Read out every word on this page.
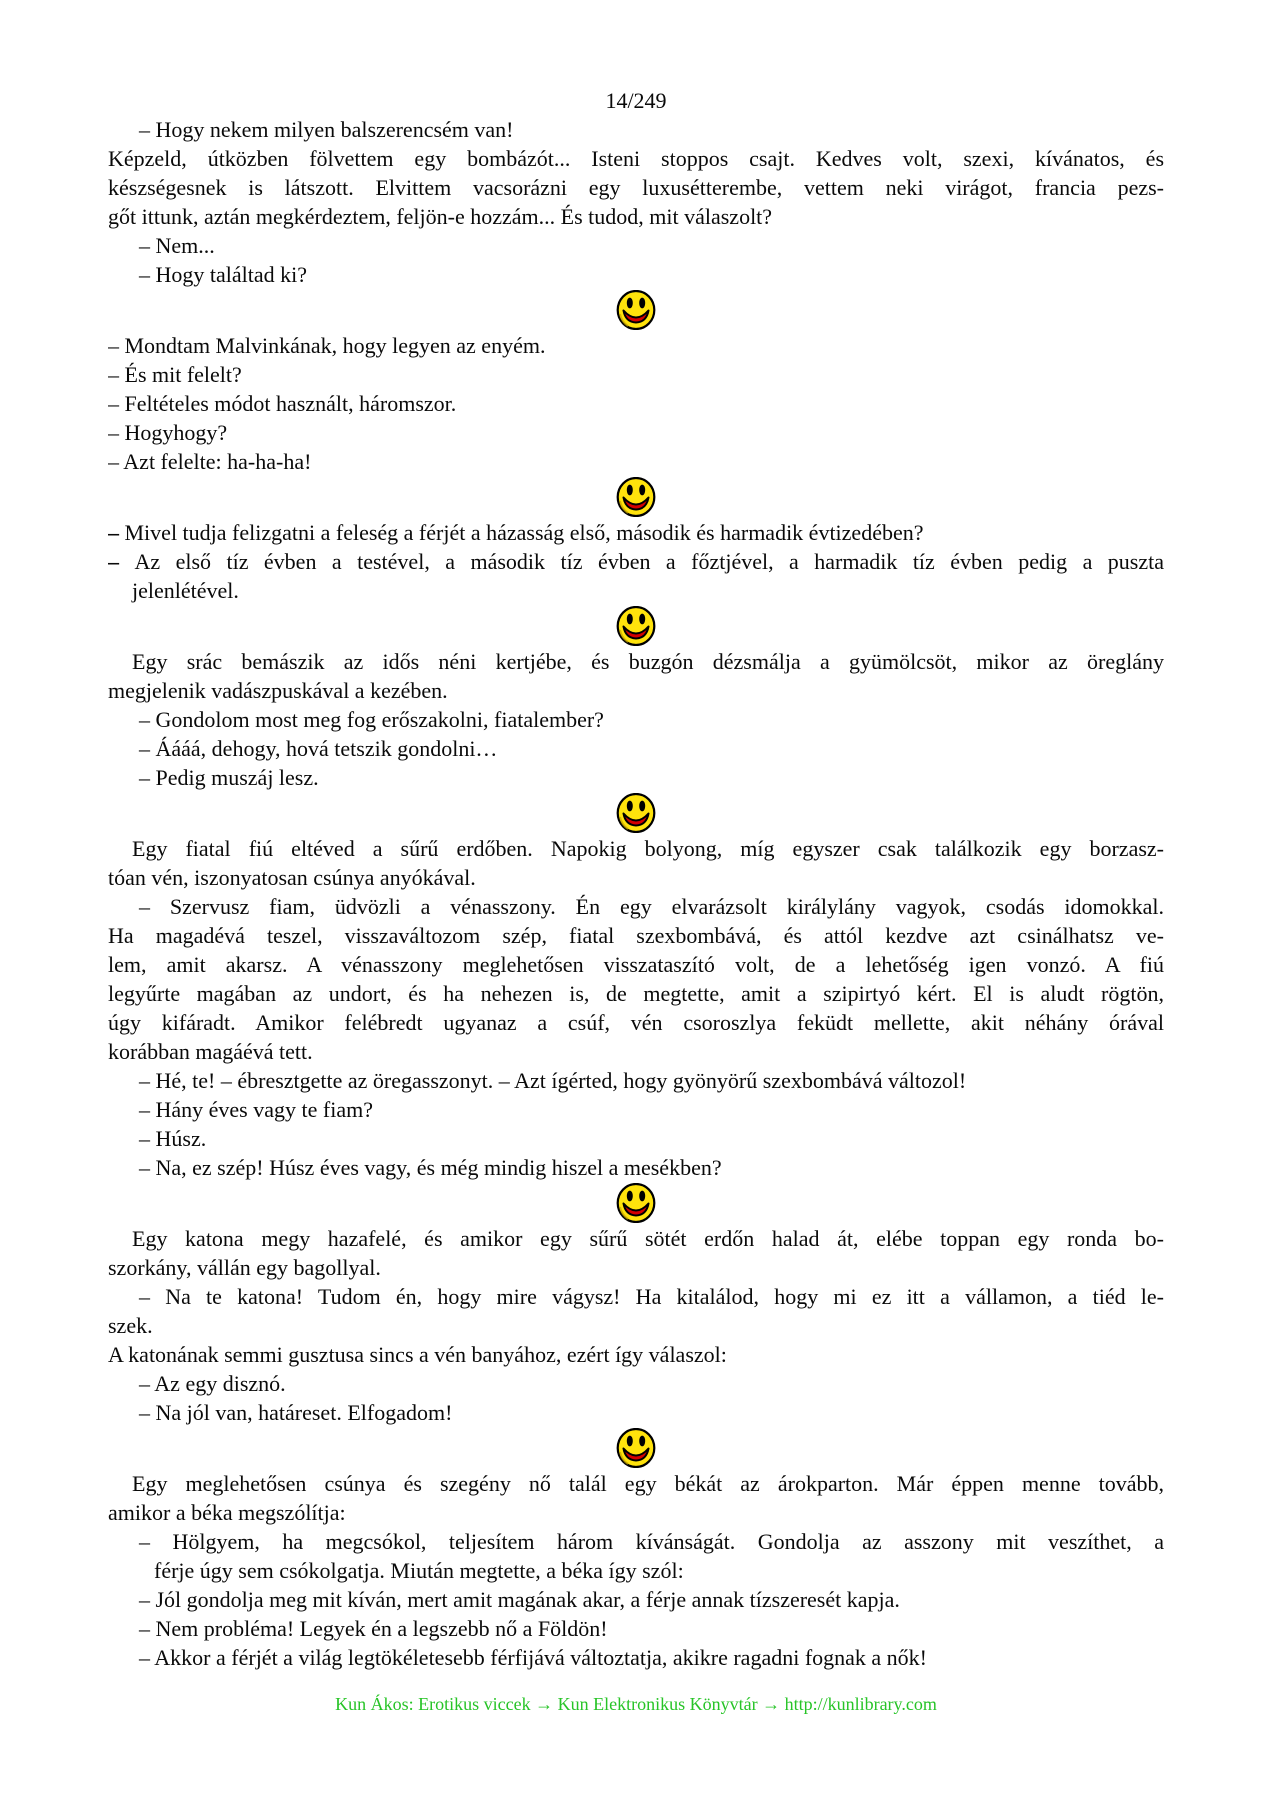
14/249
– Hogy nekem milyen balszerencsém van!
Képzeld, útközben fölvettem egy bombázót... Isteni stoppos csajt. Kedves volt, szexi, kívánatos, és
készségesnek is látszott. Elvittem vacsorázni egy luxusétterembe, vettem neki virágot, francia pezs-
gőt ittunk, aztán megkérdeztem, feljön-e hozzám... És tudod, mit válaszolt?
– Nem...
– Hogy találtad ki?
– Mondtam Malvinkának, hogy legyen az enyém.
– És mit felelt?
– Feltételes módot használt, háromszor.
– Hogyhogy?
– Azt felelte: ha-ha-ha!
– Mivel tudja felizgatni a feleség a férjét a házasság első, második és harmadik évtizedében?
– Az első tíz évben a testével, a második tíz évben a főztjével, a harmadik tíz évben pedig a puszta
jelenlétével.
Egy srác bemászik az idős néni kertjébe, és buzgón dézsmálja a gyümölcsöt, mikor az öreglány
megjelenik vadászpuskával a kezében.
– Gondolom most meg fog erőszakolni, fiatalember?
– Áááá, dehogy, hová tetszik gondolni…
– Pedig muszáj lesz.
Egy fiatal fiú eltéved a sűrű erdőben. Napokig bolyong, míg egyszer csak találkozik egy borzasz-
tóan vén, iszonyatosan csúnya anyókával.
– Szervusz fiam, üdvözli a vénasszony. Én egy elvarázsolt királylány vagyok, csodás idomokkal.
Ha magadévá teszel, visszaváltozom szép, fiatal szexbombává, és attól kezdve azt csinálhatsz ve-
lem, amit akarsz. A vénasszony meglehetősen visszataszító volt, de a lehetőség igen vonzó. A fiú
legyűrte magában az undort, és ha nehezen is, de megtette, amit a szipirtyó kért. El is aludt rögtön,
úgy kifáradt. Amikor felébredt ugyanaz a csúf, vén csoroszlya feküdt mellette, akit néhány órával
korábban magáévá tett.
– Hé, te! – ébresztgette az öregasszonyt. – Azt ígérted, hogy gyönyörű szexbombává változol!
– Hány éves vagy te fiam?
– Húsz.
– Na, ez szép! Húsz éves vagy, és még mindig hiszel a mesékben?
Egy katona megy hazafelé, és amikor egy sűrű sötét erdőn halad át, elébe toppan egy ronda bo-
szorkány, vállán egy bagollyal.
– Na te katona! Tudom én, hogy mire vágysz! Ha kitalálod, hogy mi ez itt a vállamon, a tiéd le-
szek.
A katonának semmi gusztusa sincs a vén banyához, ezért így válaszol:
– Az egy disznó.
– Na jól van, határeset. Elfogadom!
Egy meglehetősen csúnya és szegény nő talál egy békát az árokparton. Már éppen menne tovább,
amikor a béka megszólítja:
– Hölgyem, ha megcsókol, teljesítem három kívánságát. Gondolja az asszony mit veszíthet, a
férje úgy sem csókolgatja. Miután megtette, a béka így szól:
– Jól gondolja meg mit kíván, mert amit magának akar, a férje annak tízszeresét kapja.
– Nem probléma! Legyek én a legszebb nő a Földön!
– Akkor a férjét a világ legtökéletesebb férfijává változtatja, akikre ragadni fognak a nők!
Kun Ákos: Erotikus viccek → Kun Elektronikus Könyvtár → http://kunlibrary.com
